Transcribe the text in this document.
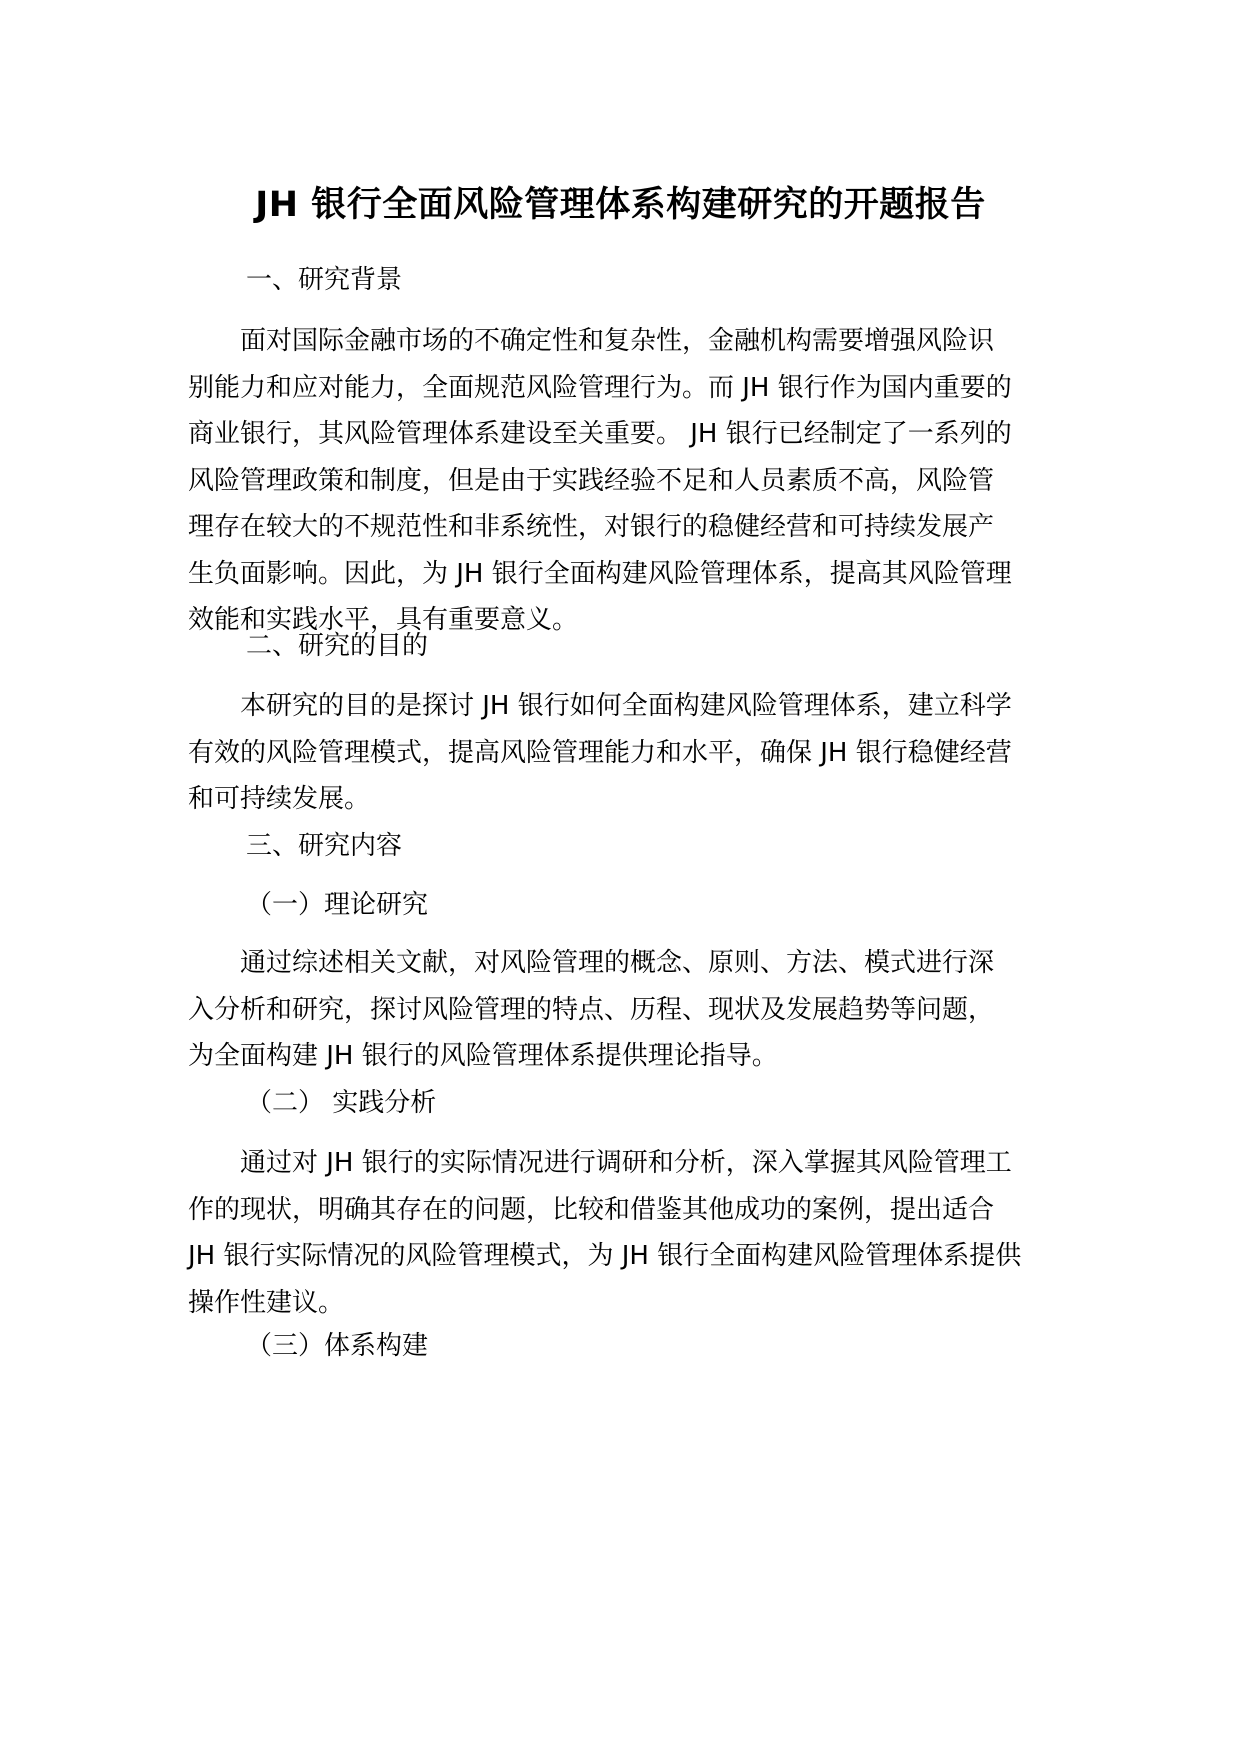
JH 银行全面风险管理体系构建研究的开题报告
一、研究背景
　　面对国际金融市场的不确定性和复杂性，金融机构需要增强风险识
别能力和应对能力，全面规范风险管理行为。而 JH 银行作为国内重要的
商业银行，其风险管理体系建设至关重要。 JH 银行已经制定了一系列的
风险管理政策和制度，但是由于实践经验不足和人员素质不高，风险管
理存在较大的不规范性和非系统性，对银行的稳健经营和可持续发展产
生负面影响。因此，为 JH 银行全面构建风险管理体系，提高其风险管理
效能和实践水平，具有重要意义。
二、研究的目的
　　本研究的目的是探讨 JH 银行如何全面构建风险管理体系，建立科学
有效的风险管理模式，提高风险管理能力和水平，确保 JH 银行稳健经营
和可持续发展。
三、研究内容
（一）理论研究
　　通过综述相关文献，对风险管理的概念、原则、方法、模式进行深
入分析和研究，探讨风险管理的特点、历程、现状及发展趋势等问题，
为全面构建 JH 银行的风险管理体系提供理论指导。
（二） 实践分析
　　通过对 JH 银行的实际情况进行调研和分析，深入掌握其风险管理工
作的现状，明确其存在的问题，比较和借鉴其他成功的案例，提出适合
JH 银行实际情况的风险管理模式，为 JH 银行全面构建风险管理体系提供
操作性建议。
（三）体系构建
